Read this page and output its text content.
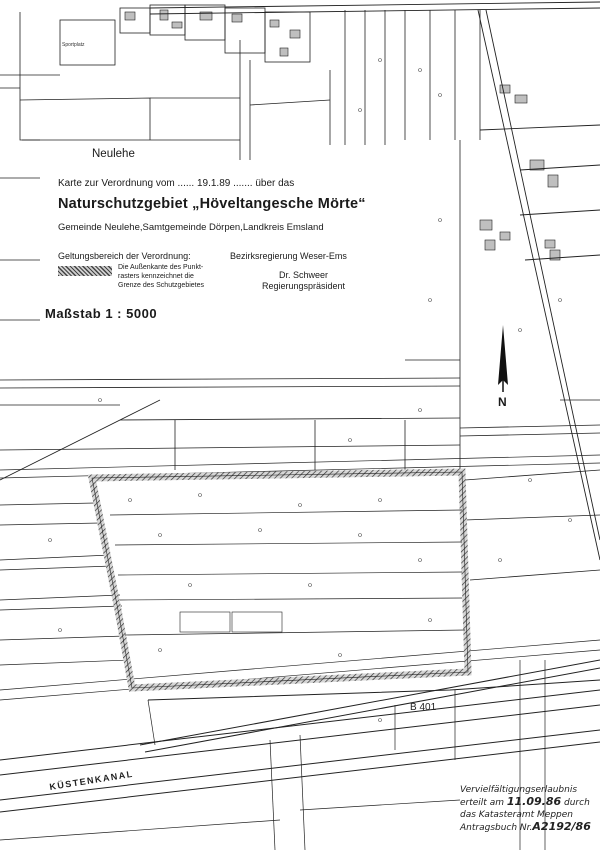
B 401
KÜSTENKANAL
Sportplatz
Neulehe
Karte zur Verordnung vom ...... 19.1.89 ....... über das
Naturschutzgebiet „Höveltangesche Mörte“
Gemeinde Neulehe,Samtgemeinde Dörpen,Landkreis Emsland
Geltungsbereich der Verordnung:
Die Außenkante des Punkt-
rasters kennzeichnet die
Grenze des Schutzgebietes
Bezirksregierung Weser-Ems
Dr. Schweer
Regierungspräsident
Maßstab 1 : 5000
N
Vervielfältigungserlaubnis
erteilt am 11.09.86 durch
das Katasteramt Meppen
Antragsbuch Nr.A2192/86
